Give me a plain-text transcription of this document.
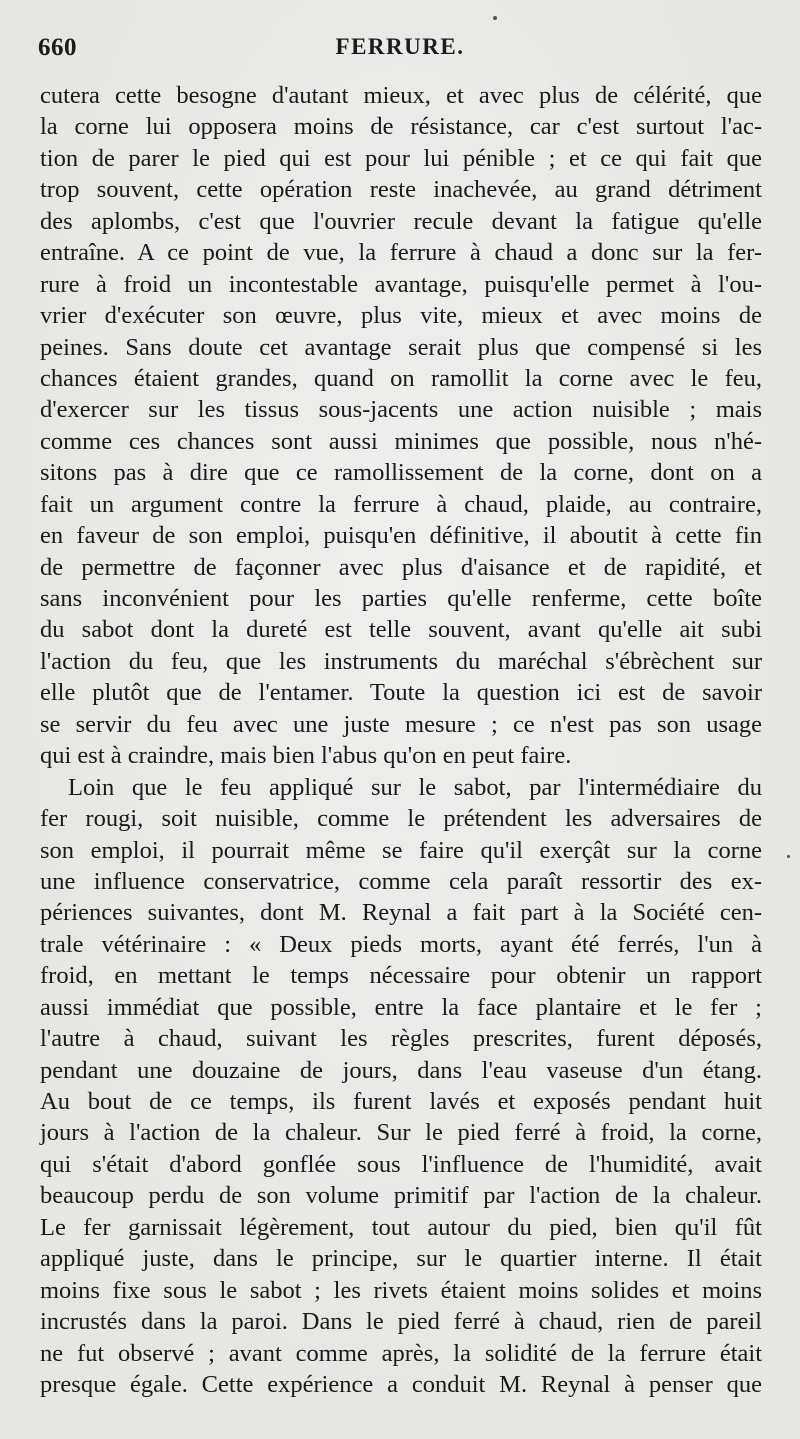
660	FERRURE.
cutera cette besogne d'autant mieux, et avec plus de célérité, que
la corne lui opposera moins de résistance, car c'est surtout l'ac-
tion de parer le pied qui est pour lui pénible ; et ce qui fait que
trop souvent, cette opération reste inachevée, au grand détriment
des aplombs, c'est que l'ouvrier recule devant la fatigue qu'elle
entraîne. A ce point de vue, la ferrure à chaud a donc sur la fer-
rure à froid un incontestable avantage, puisqu'elle permet à l'ou-
vrier d'exécuter son œuvre, plus vite, mieux et avec moins de
peines. Sans doute cet avantage serait plus que compensé si les
chances étaient grandes, quand on ramollit la corne avec le feu,
d'exercer sur les tissus sous-jacents une action nuisible ; mais
comme ces chances sont aussi minimes que possible, nous n'hé-
sitons pas à dire que ce ramollissement de la corne, dont on a
fait un argument contre la ferrure à chaud, plaide, au contraire,
en faveur de son emploi, puisqu'en définitive, il aboutit à cette fin
de permettre de façonner avec plus d'aisance et de rapidité, et
sans inconvénient pour les parties qu'elle renferme, cette boîte
du sabot dont la dureté est telle souvent, avant qu'elle ait subi
l'action du feu, que les instruments du maréchal s'ébrèchent sur
elle plutôt que de l'entamer. Toute la question ici est de savoir
se servir du feu avec une juste mesure ; ce n'est pas son usage
qui est à craindre, mais bien l'abus qu'on en peut faire.
Loin que le feu appliqué sur le sabot, par l'intermédiaire du
fer rougi, soit nuisible, comme le prétendent les adversaires de
son emploi, il pourrait même se faire qu'il exerçât sur la corne
une influence conservatrice, comme cela paraît ressortir des ex-
périences suivantes, dont M. Reynal a fait part à la Société cen-
trale vétérinaire : « Deux pieds morts, ayant été ferrés, l'un à
froid, en mettant le temps nécessaire pour obtenir un rapport
aussi immédiat que possible, entre la face plantaire et le fer ;
l'autre à chaud, suivant les règles prescrites, furent déposés,
pendant une douzaine de jours, dans l'eau vaseuse d'un étang.
Au bout de ce temps, ils furent lavés et exposés pendant huit
jours à l'action de la chaleur. Sur le pied ferré à froid, la corne,
qui s'était d'abord gonflée sous l'influence de l'humidité, avait
beaucoup perdu de son volume primitif par l'action de la chaleur.
Le fer garnissait légèrement, tout autour du pied, bien qu'il fût
appliqué juste, dans le principe, sur le quartier interne. Il était
moins fixe sous le sabot ; les rivets étaient moins solides et moins
incrustés dans la paroi. Dans le pied ferré à chaud, rien de pareil
ne fut observé ; avant comme après, la solidité de la ferrure était
presque égale. Cette expérience a conduit M. Reynal à penser que
